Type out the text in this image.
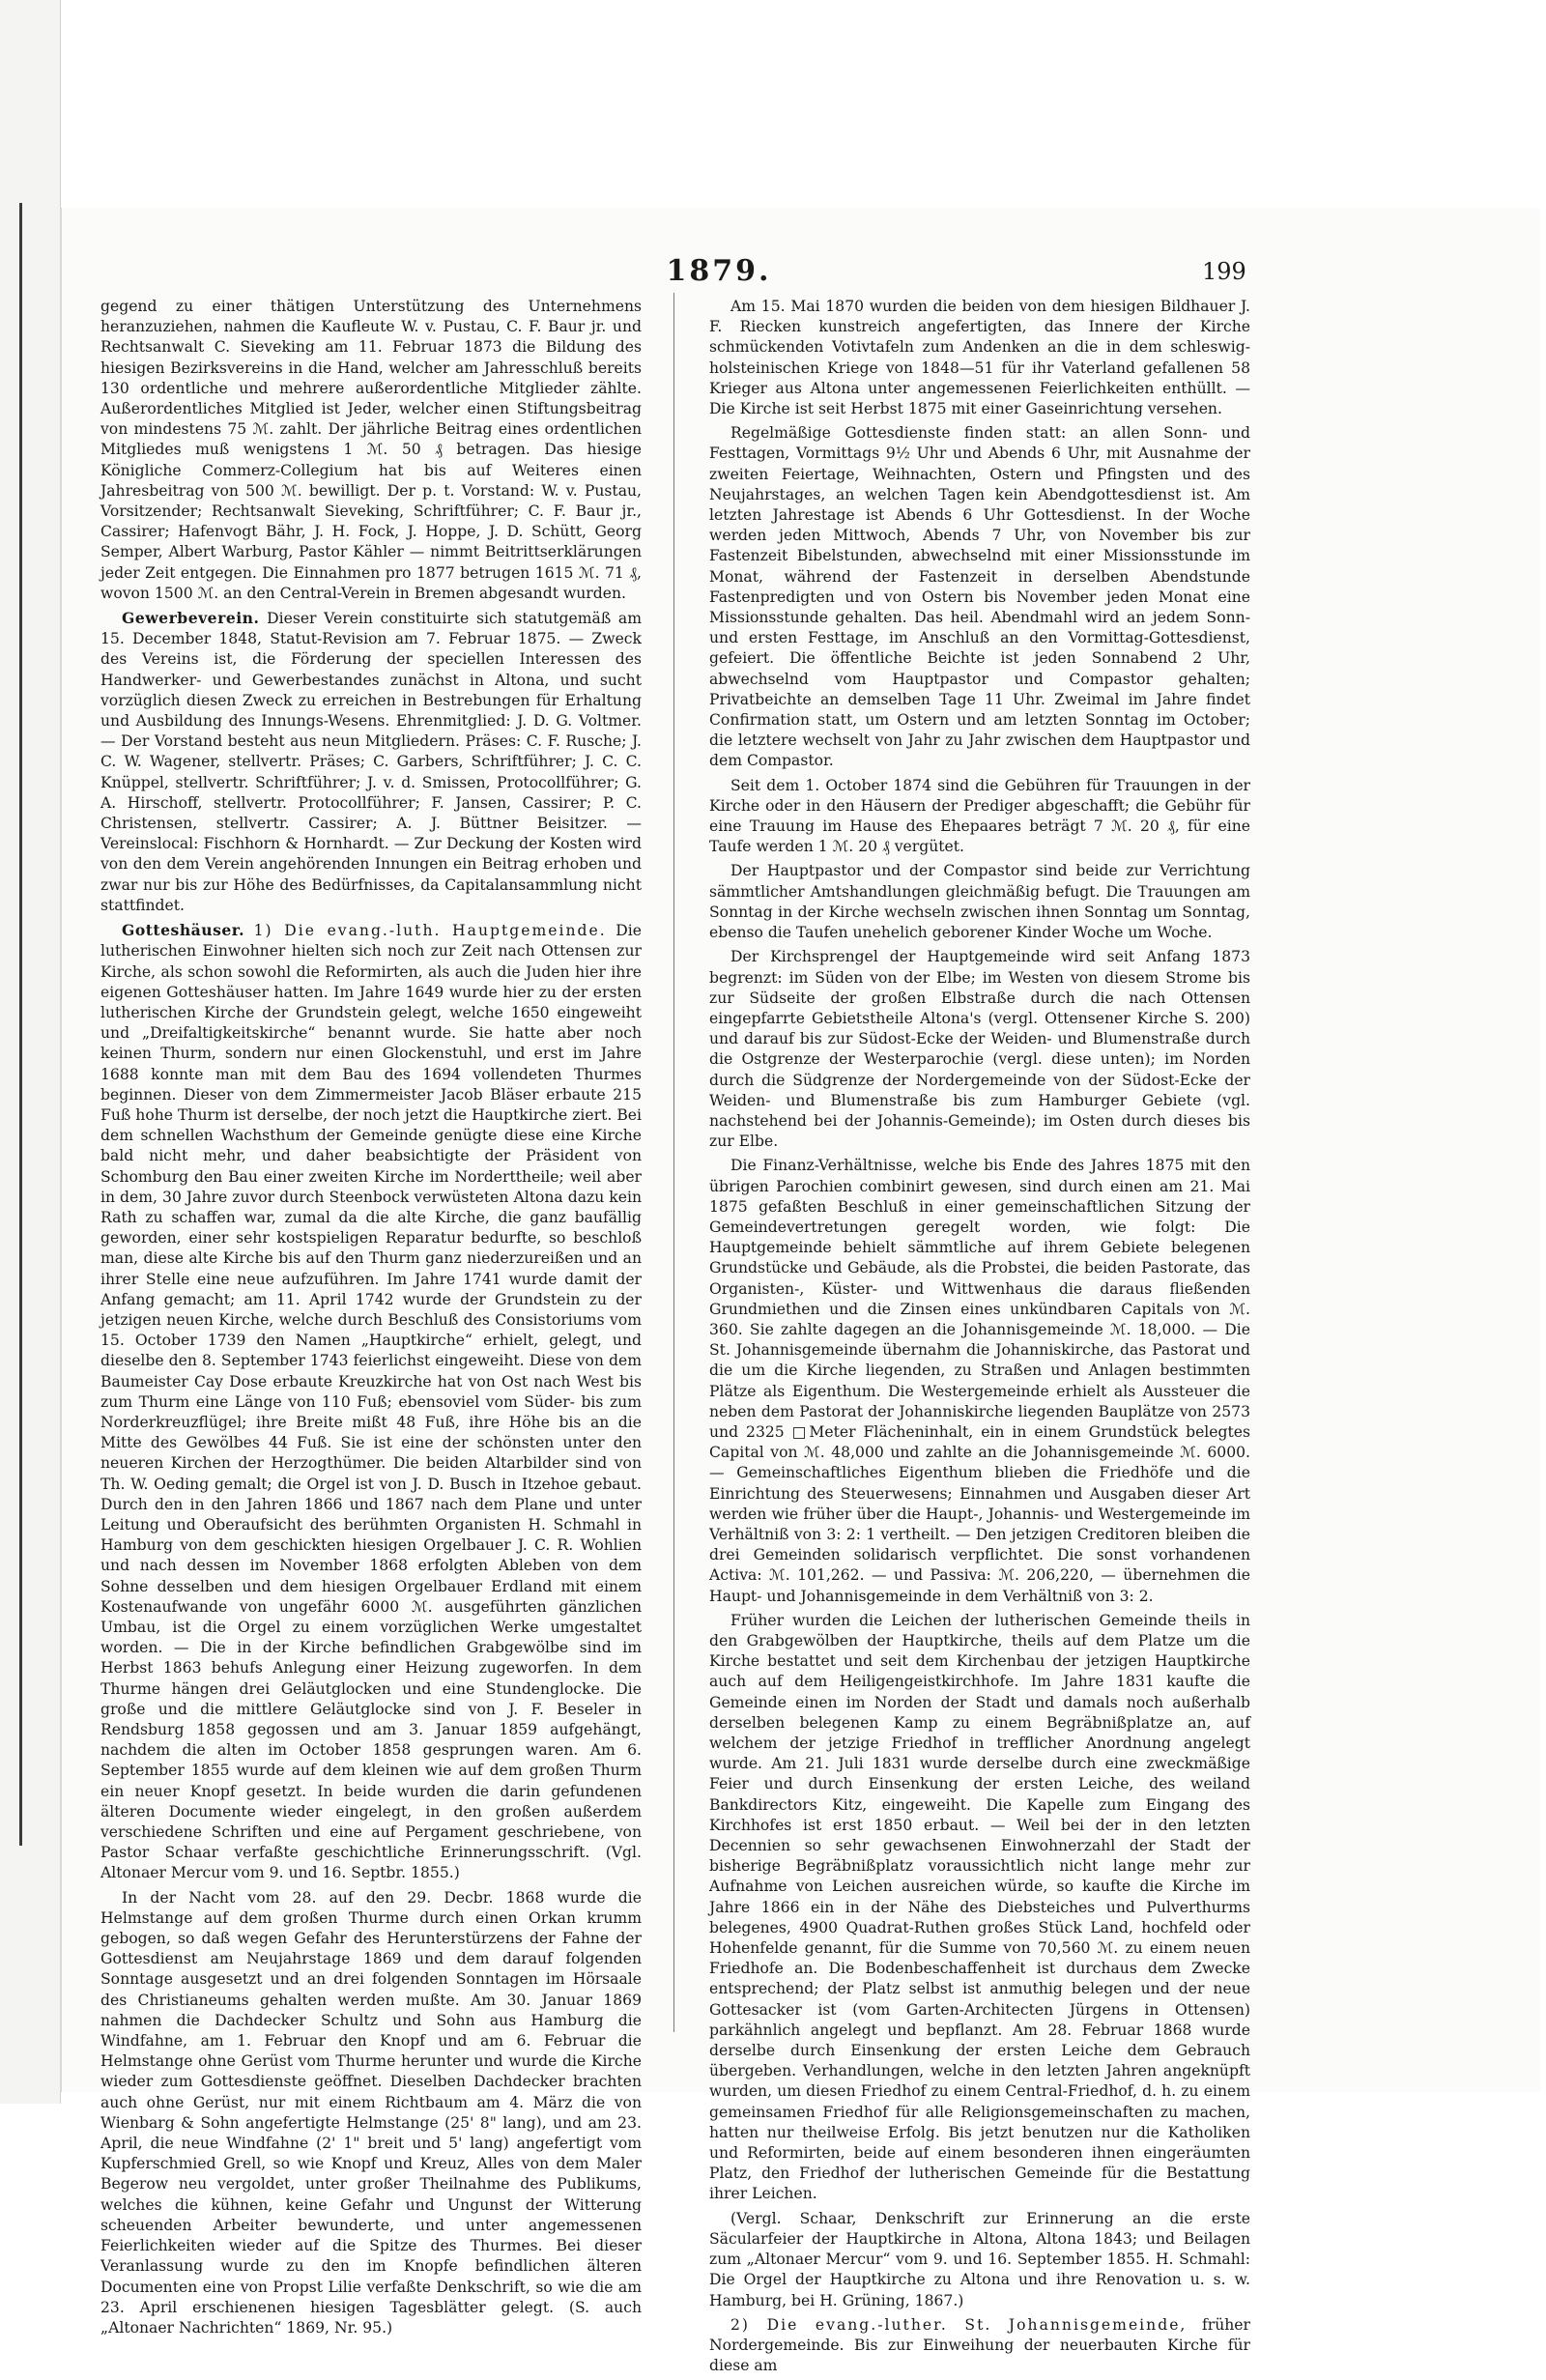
1879.	199

gegend zu einer thätigen Unterstützung des Unternehmens heranzuziehen, nahmen die Kaufleute W. v. Pustau, C. F. Baur jr. und Rechtsanwalt C. Sieveking am 11. Februar 1873 die Bildung des hiesigen Bezirksvereins in die Hand, welcher am Jahresschluß bereits 130 ordentliche und mehrere außerordentliche Mitglieder zählte. Außerordentliches Mitglied ist Jeder, welcher einen Stiftungsbeitrag von mindestens 75 ℳ. zahlt. Der jährliche Beitrag eines ordentlichen Mitgliedes muß wenigstens 1 ℳ. 50 ₰ betragen. Das hiesige Königliche Commerz-Collegium hat bis auf Weiteres einen Jahresbeitrag von 500 ℳ. bewilligt. Der p. t. Vorstand: W. v. Pustau, Vorsitzender; Rechtsanwalt Sieveking, Schriftführer; C. F. Baur jr., Cassirer; Hafenvogt Bähr, J. H. Fock, J. Hoppe, J. D. Schütt, Georg Semper, Albert Warburg, Pastor Kähler — nimmt Beitrittserklärungen jeder Zeit entgegen. Die Einnahmen pro 1877 betrugen 1615 ℳ. 71 ₰, wovon 1500 ℳ. an den Central-Verein in Bremen abgesandt wurden.

Gewerbeverein. Dieser Verein constituirte sich statutgemäß am 15. December 1848, Statut-Revision am 7. Februar 1875. — Zweck des Vereins ist, die Förderung der speciellen Interessen des Handwerker- und Gewerbestandes zunächst in Altona, und sucht vorzüglich diesen Zweck zu erreichen in Bestrebungen für Erhaltung und Ausbildung des Innungs-Wesens. Ehrenmitglied: J. D. G. Voltmer. — Der Vorstand besteht aus neun Mitgliedern. Präses: C. F. Rusche; J. C. W. Wagener, stellvertr. Präses; C. Garbers, Schriftführer; J. C. C. Knüppel, stellvertr. Schriftführer; J. v. d. Smissen, Protocollführer; G. A. Hirschoff, stellvertr. Protocollführer; F. Jansen, Cassirer; P. C. Christensen, stellvertr. Cassirer; A. J. Büttner Beisitzer. — Vereinslocal: Fischhorn & Hornhardt. — Zur Deckung der Kosten wird von den dem Verein angehörenden Innungen ein Beitrag erhoben und zwar nur bis zur Höhe des Bedürfnisses, da Capitalansammlung nicht stattfindet.

Gotteshäuser. 1) Die evang.-luth. Hauptgemeinde. Die lutherischen Einwohner hielten sich noch zur Zeit nach Ottensen zur Kirche, als schon sowohl die Reformirten, als auch die Juden hier ihre eigenen Gotteshäuser hatten. Im Jahre 1649 wurde hier zu der ersten lutherischen Kirche der Grundstein gelegt, welche 1650 eingeweiht und „Dreifaltigkeitskirche“ benannt wurde. Sie hatte aber noch keinen Thurm, sondern nur einen Glockenstuhl, und erst im Jahre 1688 konnte man mit dem Bau des 1694 vollendeten Thurmes beginnen. Dieser von dem Zimmermeister Jacob Bläser erbaute 215 Fuß hohe Thurm ist derselbe, der noch jetzt die Hauptkirche ziert. Bei dem schnellen Wachsthum der Gemeinde genügte diese eine Kirche bald nicht mehr, und daher beabsichtigte der Präsident von Schomburg den Bau einer zweiten Kirche im Norderttheile; weil aber in dem, 30 Jahre zuvor durch Steenbock verwüsteten Altona dazu kein Rath zu schaffen war, zumal da die alte Kirche, die ganz baufällig geworden, einer sehr kostspieligen Reparatur bedurfte, so beschloß man, diese alte Kirche bis auf den Thurm ganz niederzureißen und an ihrer Stelle eine neue aufzuführen. Im Jahre 1741 wurde damit der Anfang gemacht; am 11. April 1742 wurde der Grundstein zu der jetzigen neuen Kirche, welche durch Beschluß des Consistoriums vom 15. October 1739 den Namen „Hauptkirche“ erhielt, gelegt, und dieselbe den 8. September 1743 feierlichst eingeweiht. Diese von dem Baumeister Cay Dose erbaute Kreuzkirche hat von Ost nach West bis zum Thurm eine Länge von 110 Fuß; ebensoviel vom Süder- bis zum Norderkreuzflügel; ihre Breite mißt 48 Fuß, ihre Höhe bis an die Mitte des Gewölbes 44 Fuß. Sie ist eine der schönsten unter den neueren Kirchen der Herzogthümer. Die beiden Altarbilder sind von Th. W. Oeding gemalt; die Orgel ist von J. D. Busch in Itzehoe gebaut. Durch den in den Jahren 1866 und 1867 nach dem Plane und unter Leitung und Oberaufsicht des berühmten Organisten H. Schmahl in Hamburg von dem geschickten hiesigen Orgelbauer J. C. R. Wohlien und nach dessen im November 1868 erfolgten Ableben von dem Sohne desselben und dem hiesigen Orgelbauer Erdland mit einem Kostenaufwande von ungefähr 6000 ℳ. ausgeführten gänzlichen Umbau, ist die Orgel zu einem vorzüglichen Werke umgestaltet worden. — Die in der Kirche befindlichen Grabgewölbe sind im Herbst 1863 behufs Anlegung einer Heizung zugeworfen. In dem Thurme hängen drei Geläutglocken und eine Stundenglocke. Die große und die mittlere Geläutglocke sind von J. F. Beseler in Rendsburg 1858 gegossen und am 3. Januar 1859 aufgehängt, nachdem die alten im October 1858 gesprungen waren. Am 6. September 1855 wurde auf dem kleinen wie auf dem großen Thurm ein neuer Knopf gesetzt. In beide wurden die darin gefundenen älteren Documente wieder eingelegt, in den großen außerdem verschiedene Schriften und eine auf Pergament geschriebene, von Pastor Schaar verfaßte geschichtliche Erinnerungsschrift. (Vgl. Altonaer Mercur vom 9. und 16. Septbr. 1855.)

In der Nacht vom 28. auf den 29. Decbr. 1868 wurde die Helmstange auf dem großen Thurme durch einen Orkan krumm gebogen, so daß wegen Gefahr des Herunterstürzens der Fahne der Gottesdienst am Neujahrstage 1869 und dem darauf folgenden Sonntage ausgesetzt und an drei folgenden Sonntagen im Hörsaale des Christianeums gehalten werden mußte. Am 30. Januar 1869 nahmen die Dachdecker Schultz und Sohn aus Hamburg die Windfahne, am 1. Februar den Knopf und am 6. Februar die Helmstange ohne Gerüst vom Thurme herunter und wurde die Kirche wieder zum Gottesdienste geöffnet. Dieselben Dachdecker brachten auch ohne Gerüst, nur mit einem Richtbaum am 4. März die von Wienbarg & Sohn angefertigte Helmstange (25' 8" lang), und am 23. April, die neue Windfahne (2' 1" breit und 5' lang) angefertigt vom Kupferschmied Grell, so wie Knopf und Kreuz, Alles von dem Maler Begerow neu vergoldet, unter großer Theilnahme des Publikums, welches die kühnen, keine Gefahr und Ungunst der Witterung scheuenden Arbeiter bewunderte, und unter angemessenen Feierlichkeiten wieder auf die Spitze des Thurmes. Bei dieser Veranlassung wurde zu den im Knopfe befindlichen älteren Documenten eine von Propst Lilie verfaßte Denkschrift, so wie die am 23. April erschienenen hiesigen Tagesblätter gelegt. (S. auch „Altonaer Nachrichten“ 1869, Nr. 95.)

Am 15. Mai 1870 wurden die beiden von dem hiesigen Bildhauer J. F. Riecken kunstreich angefertigten, das Innere der Kirche schmückenden Votivtafeln zum Andenken an die in dem schleswig-holsteinischen Kriege von 1848—51 für ihr Vaterland gefallenen 58 Krieger aus Altona unter angemessenen Feierlichkeiten enthüllt. — Die Kirche ist seit Herbst 1875 mit einer Gaseinrichtung versehen.

Regelmäßige Gottesdienste finden statt: an allen Sonn- und Festtagen, Vormittags 9½ Uhr und Abends 6 Uhr, mit Ausnahme der zweiten Feiertage, Weihnachten, Ostern und Pfingsten und des Neujahrstages, an welchen Tagen kein Abendgottesdienst ist. Am letzten Jahrestage ist Abends 6 Uhr Gottesdienst. In der Woche werden jeden Mittwoch, Abends 7 Uhr, von November bis zur Fastenzeit Bibelstunden, abwechselnd mit einer Missionsstunde im Monat, während der Fastenzeit in derselben Abendstunde Fastenpredigten und von Ostern bis November jeden Monat eine Missionsstunde gehalten. Das heil. Abendmahl wird an jedem Sonn- und ersten Festtage, im Anschluß an den Vormittag-Gottesdienst, gefeiert. Die öffentliche Beichte ist jeden Sonnabend 2 Uhr, abwechselnd vom Hauptpastor und Compastor gehalten; Privatbeichte an demselben Tage 11 Uhr. Zweimal im Jahre findet Confirmation statt, um Ostern und am letzten Sonntag im October; die letztere wechselt von Jahr zu Jahr zwischen dem Hauptpastor und dem Compastor.

Seit dem 1. October 1874 sind die Gebühren für Trauungen in der Kirche oder in den Häusern der Prediger abgeschafft; die Gebühr für eine Trauung im Hause des Ehepaares beträgt 7 ℳ. 20 ₰, für eine Taufe werden 1 ℳ. 20 ₰ vergütet.

Der Hauptpastor und der Compastor sind beide zur Verrichtung sämmtlicher Amtshandlungen gleichmäßig befugt. Die Trauungen am Sonntag in der Kirche wechseln zwischen ihnen Sonntag um Sonntag, ebenso die Taufen unehelich geborener Kinder Woche um Woche.

Der Kirchsprengel der Hauptgemeinde wird seit Anfang 1873 begrenzt: im Süden von der Elbe; im Westen von diesem Strome bis zur Südseite der großen Elbstraße durch die nach Ottensen eingepfarrte Gebietstheile Altona's (vergl. Ottensener Kirche S. 200) und darauf bis zur Südost-Ecke der Weiden- und Blumenstraße durch die Ostgrenze der Westerparochie (vergl. diese unten); im Norden durch die Südgrenze der Nordergemeinde von der Südost-Ecke der Weiden- und Blumenstraße bis zum Hamburger Gebiete (vgl. nachstehend bei der Johannis-Gemeinde); im Osten durch dieses bis zur Elbe.

Die Finanz-Verhältnisse, welche bis Ende des Jahres 1875 mit den übrigen Parochien combinirt gewesen, sind durch einen am 21. Mai 1875 gefaßten Beschluß in einer gemeinschaftlichen Sitzung der Gemeindevertretungen geregelt worden, wie folgt: Die Hauptgemeinde behielt sämmtliche auf ihrem Gebiete belegenen Grundstücke und Gebäude, als die Probstei, die beiden Pastorate, das Organisten-, Küster- und Wittwenhaus die daraus fließenden Grundmiethen und die Zinsen eines unkündbaren Capitals von ℳ. 360. Sie zahlte dagegen an die Johannisgemeinde ℳ. 18,000. — Die St. Johannisgemeinde übernahm die Johanniskirche, das Pastorat und die um die Kirche liegenden, zu Straßen und Anlagen bestimmten Plätze als Eigenthum. Die Westergemeinde erhielt als Aussteuer die neben dem Pastorat der Johanniskirche liegenden Bauplätze von 2573 und 2325 □Meter Flächeninhalt, ein in einem Grundstück belegtes Capital von ℳ. 48,000 und zahlte an die Johannisgemeinde ℳ. 6000. — Gemeinschaftliches Eigenthum blieben die Friedhöfe und die Einrichtung des Steuerwesens; Einnahmen und Ausgaben dieser Art werden wie früher über die Haupt-, Johannis- und Westergemeinde im Verhältniß von 3: 2: 1 vertheilt. — Den jetzigen Creditoren bleiben die drei Gemeinden solidarisch verpflichtet. Die sonst vorhandenen Activa: ℳ. 101,262. — und Passiva: ℳ. 206,220, — übernehmen die Haupt- und Johannisgemeinde in dem Verhältniß von 3: 2.

Früher wurden die Leichen der lutherischen Gemeinde theils in den Grabgewölben der Hauptkirche, theils auf dem Platze um die Kirche bestattet und seit dem Kirchenbau der jetzigen Hauptkirche auch auf dem Heiligengeistkirchhofe. Im Jahre 1831 kaufte die Gemeinde einen im Norden der Stadt und damals noch außerhalb derselben belegenen Kamp zu einem Begräbnißplatze an, auf welchem der jetzige Friedhof in trefflicher Anordnung angelegt wurde. Am 21. Juli 1831 wurde derselbe durch eine zweckmäßige Feier und durch Einsenkung der ersten Leiche, des weiland Bankdirectors Kitz, eingeweiht. Die Kapelle zum Eingang des Kirchhofes ist erst 1850 erbaut. — Weil bei der in den letzten Decennien so sehr gewachsenen Einwohnerzahl der Stadt der bisherige Begräbnißplatz voraussichtlich nicht lange mehr zur Aufnahme von Leichen ausreichen würde, so kaufte die Kirche im Jahre 1866 ein in der Nähe des Diebsteiches und Pulverthurms belegenes, 4900 Quadrat-Ruthen großes Stück Land, hochfeld oder Hohenfelde genannt, für die Summe von 70,560 ℳ. zu einem neuen Friedhofe an. Die Bodenbeschaffenheit ist durchaus dem Zwecke entsprechend; der Platz selbst ist anmuthig belegen und der neue Gottesacker ist (vom Garten-Architecten Jürgens in Ottensen) parkähnlich angelegt und bepflanzt. Am 28. Februar 1868 wurde derselbe durch Einsenkung der ersten Leiche dem Gebrauch übergeben. Verhandlungen, welche in den letzten Jahren angeknüpft wurden, um diesen Friedhof zu einem Central-Friedhof, d. h. zu einem gemeinsamen Friedhof für alle Religionsgemeinschaften zu machen, hatten nur theilweise Erfolg. Bis jetzt benutzen nur die Katholiken und Reformirten, beide auf einem besonderen ihnen eingeräumten Platz, den Friedhof der lutherischen Gemeinde für die Bestattung ihrer Leichen.

(Vergl. Schaar, Denkschrift zur Erinnerung an die erste Säcularfeier der Hauptkirche in Altona, Altona 1843; und Beilagen zum „Altonaer Mercur“ vom 9. und 16. September 1855. H. Schmahl: Die Orgel der Hauptkirche zu Altona und ihre Renovation u. s. w. Hamburg, bei H. Grüning, 1867.)

2) Die evang.-luther. St. Johannisgemeinde, früher Nordergemeinde. Bis zur Einweihung der neuerbauten Kirche für diese am
